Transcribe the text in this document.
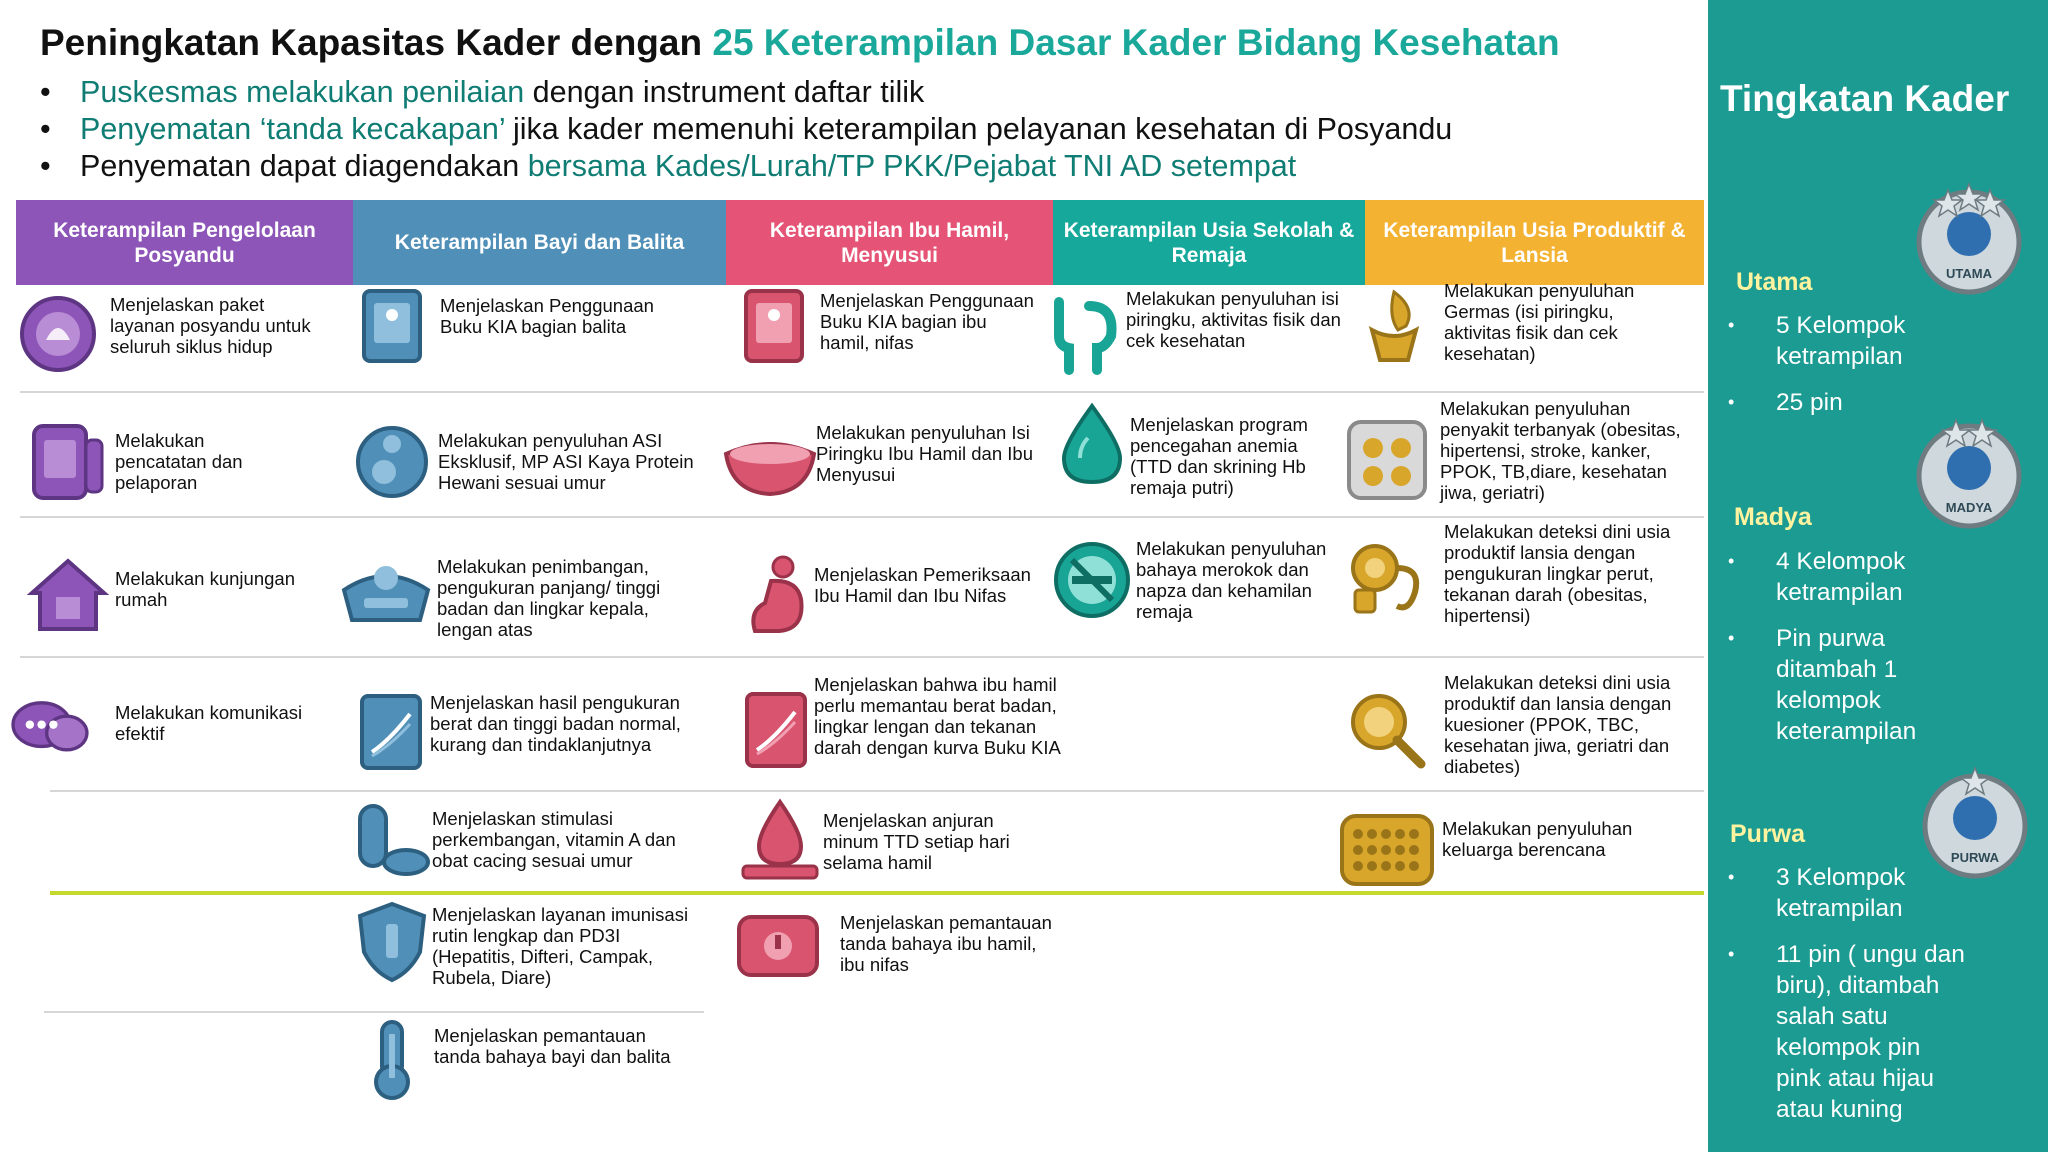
Peningkatan Kapasitas Kader dengan 25 Keterampilan Dasar Kader Bidang Kesehatan
• Puskesmas melakukan penilaian dengan instrument daftar tilik
• Penyematan ‘tanda kecakapan’ jika kader memenuhi keterampilan pelayanan kesehatan di Posyandu
• Penyematan dapat diagendakan bersama Kades/Lurah/TP PKK/Pejabat TNI AD setempat
Keterampilan Pengelolaan Posyandu
Keterampilan Bayi dan Balita
Keterampilan Ibu Hamil, Menyusui
Keterampilan Usia Sekolah & Remaja
Keterampilan Usia Produktif & Lansia
Menjelaskan paket layanan posyandu untuk seluruh siklus hidup
Melakukan pencatatan dan pelaporan
Melakukan kunjungan rumah
Melakukan komunikasi efektif
Menjelaskan Penggunaan Buku KIA bagian balita
Melakukan penyuluhan ASI Eksklusif, MP ASI Kaya Protein Hewani sesuai umur
Melakukan penimbangan, pengukuran panjang/ tinggi badan dan lingkar kepala, lengan atas
Menjelaskan hasil pengukuran berat dan tinggi badan normal, kurang dan tindaklanjutnya
Menjelaskan stimulasi perkembangan, vitamin A dan obat cacing sesuai umur
Menjelaskan layanan imunisasi rutin lengkap dan PD3I (Hepatitis, Difteri, Campak, Rubela, Diare)
Menjelaskan pemantauan tanda bahaya bayi dan balita
Menjelaskan Penggunaan Buku KIA bagian ibu hamil, nifas
Melakukan penyuluhan Isi Piringku Ibu Hamil dan Ibu Menyusui
Menjelaskan Pemeriksaan Ibu Hamil dan Ibu Nifas
Menjelaskan bahwa ibu hamil perlu memantau berat badan, lingkar lengan dan tekanan darah dengan kurva Buku KIA
Menjelaskan anjuran minum TTD setiap hari selama hamil
Menjelaskan pemantauan tanda bahaya ibu hamil, ibu nifas
Melakukan penyuluhan isi piringku, aktivitas fisik dan cek kesehatan
Menjelaskan program pencegahan anemia (TTD dan skrining Hb remaja putri)
Melakukan penyuluhan bahaya merokok dan napza dan kehamilan remaja
Melakukan penyuluhan Germas (isi piringku, aktivitas fisik dan cek kesehatan)
Melakukan penyuluhan penyakit terbanyak (obesitas, hipertensi, stroke, kanker, PPOK, TB,diare, kesehatan jiwa, geriatri)
Melakukan deteksi dini usia produktif lansia dengan pengukuran lingkar perut, tekanan darah (obesitas, hipertensi)
Melakukan deteksi dini usia produktif dan lansia dengan kuesioner (PPOK, TBC, kesehatan jiwa, geriatri dan diabetes)
Melakukan penyuluhan keluarga berencana
Tingkatan Kader
UTAMA
Utama
• 5 Kelompok ketrampilan
• 25 pin
MADYA
Madya
• 4 Kelompok ketrampilan
• Pin purwa ditambah 1 kelompok keterampilan
PURWA
Purwa
• 3 Kelompok ketrampilan
• 11 pin ( ungu dan biru), ditambah salah satu kelompok pin pink atau hijau atau kuning
